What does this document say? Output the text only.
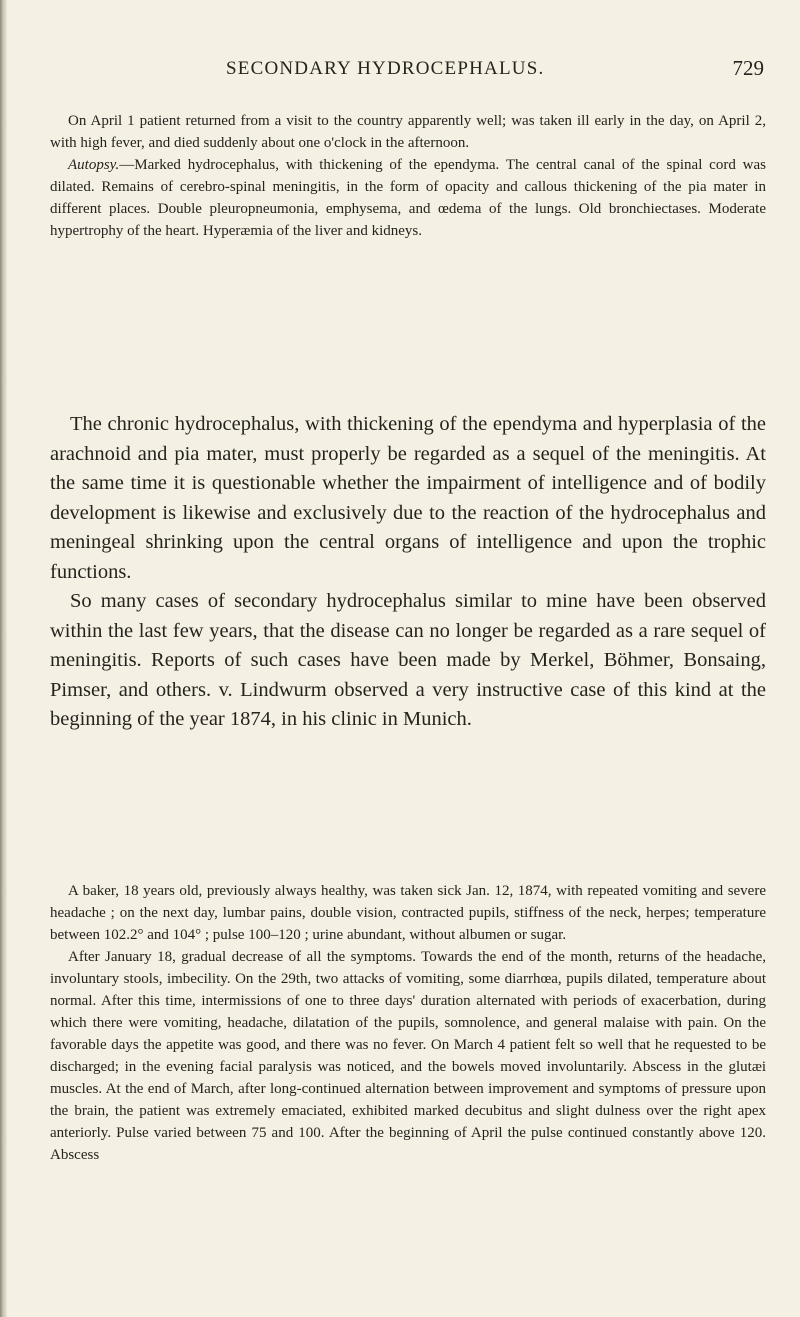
SECONDARY HYDROCEPHALUS.	729

On April 1 patient returned from a visit to the country apparently well; was taken ill early in the day, on April 2, with high fever, and died suddenly about one o'clock in the afternoon.

Autopsy.—Marked hydrocephalus, with thickening of the ependyma. The central canal of the spinal cord was dilated. Remains of cerebro-spinal meningitis, in the form of opacity and callous thickening of the pia mater in different places. Double pleuropneumonia, emphysema, and œdema of the lungs. Old bronchiectases. Moderate hypertrophy of the heart. Hyperæmia of the liver and kidneys.

The chronic hydrocephalus, with thickening of the ependyma and hyperplasia of the arachnoid and pia mater, must properly be regarded as a sequel of the meningitis. At the same time it is questionable whether the impairment of intelligence and of bodily development is likewise and exclusively due to the reaction of the hydrocephalus and meningeal shrinking upon the central organs of intelligence and upon the trophic functions.

So many cases of secondary hydrocephalus similar to mine have been observed within the last few years, that the disease can no longer be regarded as a rare sequel of meningitis. Reports of such cases have been made by Merkel, Böhmer, Bonsaing, Pimser, and others. v. Lindwurm observed a very instructive case of this kind at the beginning of the year 1874, in his clinic in Munich.

A baker, 18 years old, previously always healthy, was taken sick Jan. 12, 1874, with repeated vomiting and severe headache ; on the next day, lumbar pains, double vision, contracted pupils, stiffness of the neck, herpes; temperature between 102.2° and 104° ; pulse 100–120 ; urine abundant, without albumen or sugar.

After January 18, gradual decrease of all the symptoms. Towards the end of the month, returns of the headache, involuntary stools, imbecility. On the 29th, two attacks of vomiting, some diarrhœa, pupils dilated, temperature about normal. After this time, intermissions of one to three days' duration alternated with periods of exacerbation, during which there were vomiting, headache, dilatation of the pupils, somnolence, and general malaise with pain. On the favorable days the appetite was good, and there was no fever. On March 4 patient felt so well that he requested to be discharged; in the evening facial paralysis was noticed, and the bowels moved involuntarily. Abscess in the glutæi muscles. At the end of March, after long-continued alternation between improvement and symptoms of pressure upon the brain, the patient was extremely emaciated, exhibited marked decubitus and slight dulness over the right apex anteriorly. Pulse varied between 75 and 100. After the beginning of April the pulse continued constantly above 120. Abscess
